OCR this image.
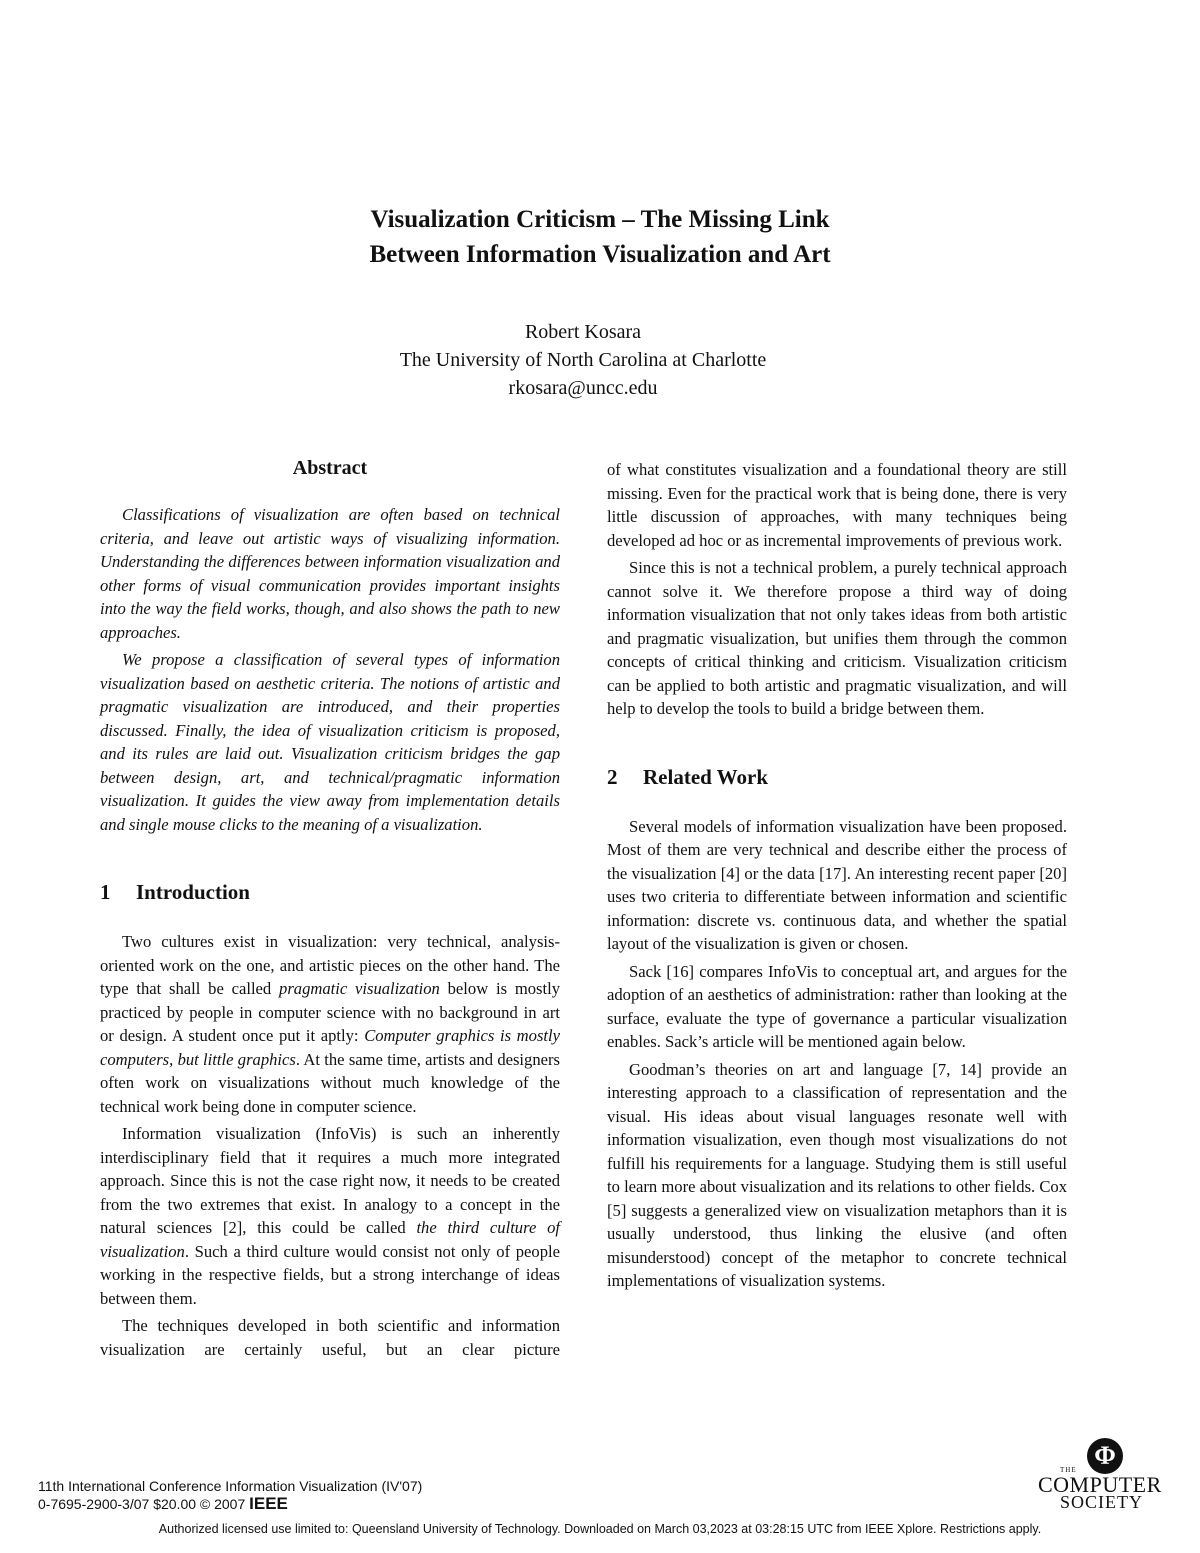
Visualization Criticism – The Missing Link
Between Information Visualization and Art
Robert Kosara
The University of North Carolina at Charlotte
rkosara@uncc.edu
Abstract

Classifications of visualization are often based on technical criteria, and leave out artistic ways of visualizing information. Understanding the differences between information visualization and other forms of visual communication provides important insights into the way the field works, though, and also shows the path to new approaches.

We propose a classification of several types of information visualization based on aesthetic criteria. The notions of artistic and pragmatic visualization are introduced, and their properties discussed. Finally, the idea of visualization criticism is proposed, and its rules are laid out. Visualization criticism bridges the gap between design, art, and technical/pragmatic information visualization. It guides the view away from implementation details and single mouse clicks to the meaning of a visualization.

1 Introduction

Two cultures exist in visualization: very technical, analysis-oriented work on the one, and artistic pieces on the other hand. The type that shall be called pragmatic visualization below is mostly practiced by people in computer science with no background in art or design. A student once put it aptly: Computer graphics is mostly computers, but little graphics. At the same time, artists and designers often work on visualizations without much knowledge of the technical work being done in computer science.

Information visualization (InfoVis) is such an inherently interdisciplinary field that it requires a much more integrated approach. Since this is not the case right now, it needs to be created from the two extremes that exist. In analogy to a concept in the natural sciences [2], this could be called the third culture of visualization. Such a third culture would consist not only of people working in the respective fields, but a strong interchange of ideas between them.

The techniques developed in both scientific and information visualization are certainly useful, but an clear picture

of what constitutes visualization and a foundational theory are still missing. Even for the practical work that is being done, there is very little discussion of approaches, with many techniques being developed ad hoc or as incremental improvements of previous work.

Since this is not a technical problem, a purely technical approach cannot solve it. We therefore propose a third way of doing information visualization that not only takes ideas from both artistic and pragmatic visualization, but unifies them through the common concepts of critical thinking and criticism. Visualization criticism can be applied to both artistic and pragmatic visualization, and will help to develop the tools to build a bridge between them.

2 Related Work

Several models of information visualization have been proposed. Most of them are very technical and describe either the process of the visualization [4] or the data [17]. An interesting recent paper [20] uses two criteria to differentiate between information and scientific information: discrete vs. continuous data, and whether the spatial layout of the visualization is given or chosen.

Sack [16] compares InfoVis to conceptual art, and argues for the adoption of an aesthetics of administration: rather than looking at the surface, evaluate the type of governance a particular visualization enables. Sack’s article will be mentioned again below.

Goodman’s theories on art and language [7, 14] provide an interesting approach to a classification of representation and the visual. His ideas about visual languages resonate well with information visualization, even though most visualizations do not fulfill his requirements for a language. Studying them is still useful to learn more about visualization and its relations to other fields. Cox [5] suggests a generalized view on visualization metaphors than it is usually understood, thus linking the elusive (and often misunderstood) concept of the metaphor to concrete technical implementations of visualization systems.

11th International Conference Information Visualization (IV'07)
0-7695-2900-3/07 $20.00 © 2007 IEEE
Φ
THE
COMPUTER
SOCIETY
Authorized licensed use limited to: Queensland University of Technology. Downloaded on March 03,2023 at 03:28:15 UTC from IEEE Xplore. Restrictions apply.
